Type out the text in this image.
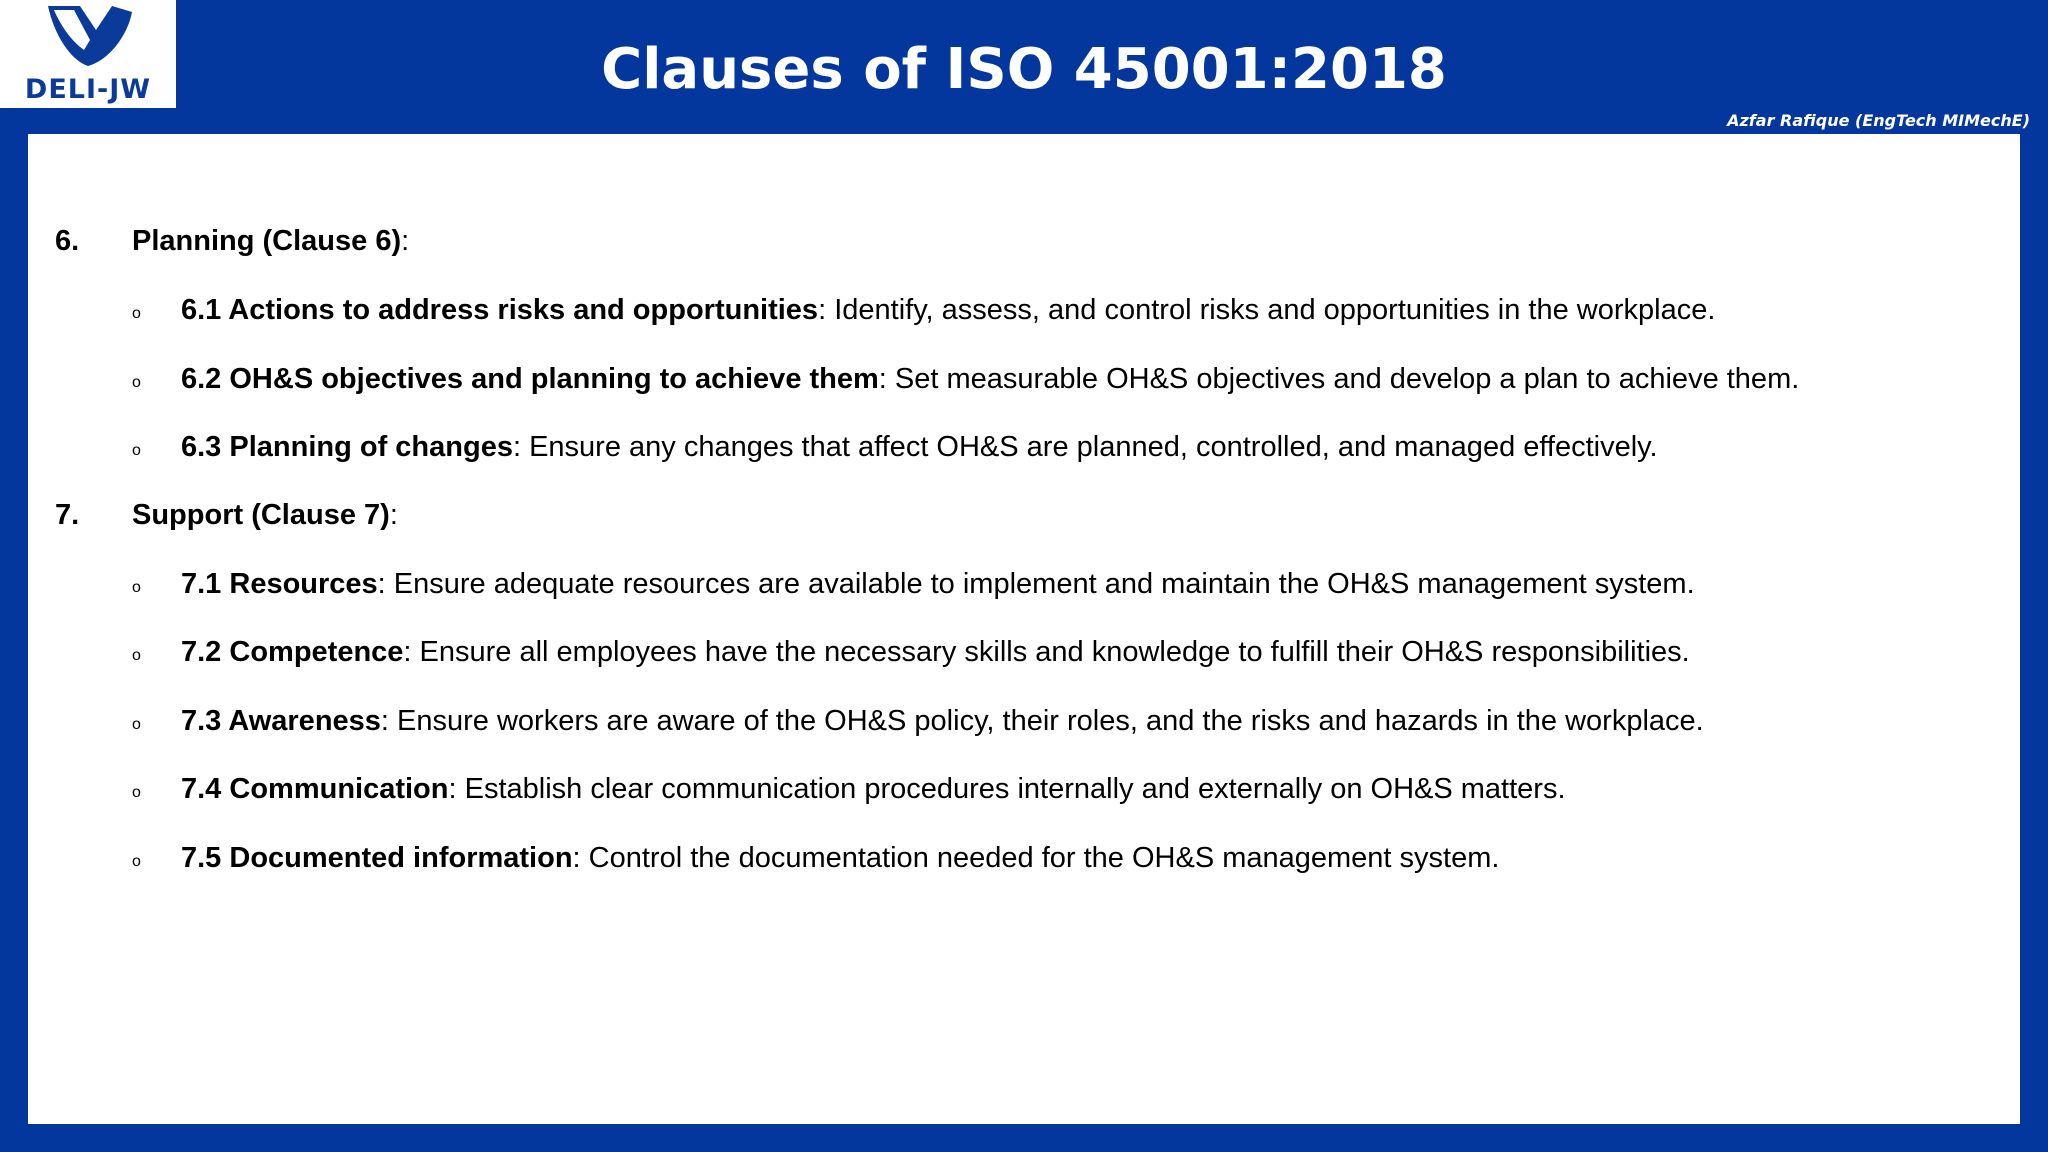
DELI-JW	Clauses of ISO 45001:2018
Azfar Rafique (EngTech MIMechE)
6. Planning (Clause 6):
o 6.1 Actions to address risks and opportunities: Identify, assess, and control risks and opportunities in the workplace.
o 6.2 OH&S objectives and planning to achieve them: Set measurable OH&S objectives and develop a plan to achieve them.
o 6.3 Planning of changes: Ensure any changes that affect OH&S are planned, controlled, and managed effectively.
7. Support (Clause 7):
o 7.1 Resources: Ensure adequate resources are available to implement and maintain the OH&S management system.
o 7.2 Competence: Ensure all employees have the necessary skills and knowledge to fulfill their OH&S responsibilities.
o 7.3 Awareness: Ensure workers are aware of the OH&S policy, their roles, and the risks and hazards in the workplace.
o 7.4 Communication: Establish clear communication procedures internally and externally on OH&S matters.
o 7.5 Documented information: Control the documentation needed for the OH&S management system.
